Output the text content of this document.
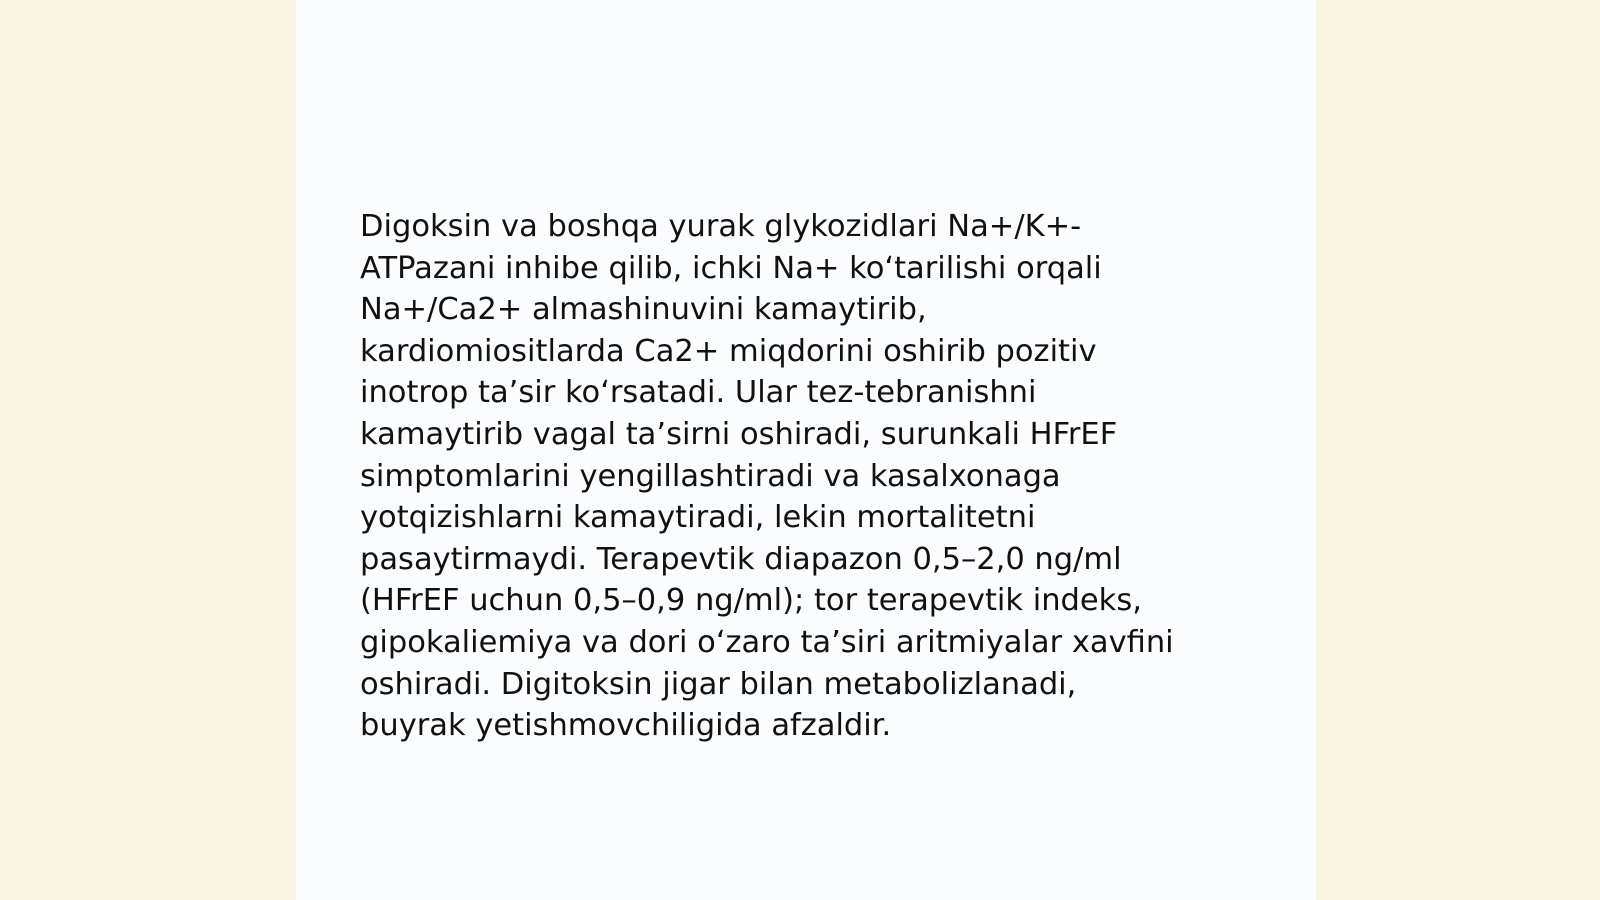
Digoksin va boshqa yurak glykozidlari Na+/K+-
ATPazani inhibe qilib, ichki Na+ ko‘tarilishi orqali
Na+/Ca2+ almashinuvini kamaytirib,
kardiomiositlarda Ca2+ miqdorini oshirib pozitiv
inotrop ta’sir ko‘rsatadi. Ular tez-tebranishni
kamaytirib vagal ta’sirni oshiradi, surunkali HFrEF
simptomlarini yengillashtiradi va kasalxonaga
yotqizishlarni kamaytiradi, lekin mortalitetni
pasaytirmaydi. Terapevtik diapazon 0,5–2,0 ng/ml
(HFrEF uchun 0,5–0,9 ng/ml); tor terapevtik indeks,
gipokaliemiya va dori o‘zaro ta’siri aritmiyalar xavfini
oshiradi. Digitoksin jigar bilan metabolizlanadi,
buyrak yetishmovchiligida afzaldir.
